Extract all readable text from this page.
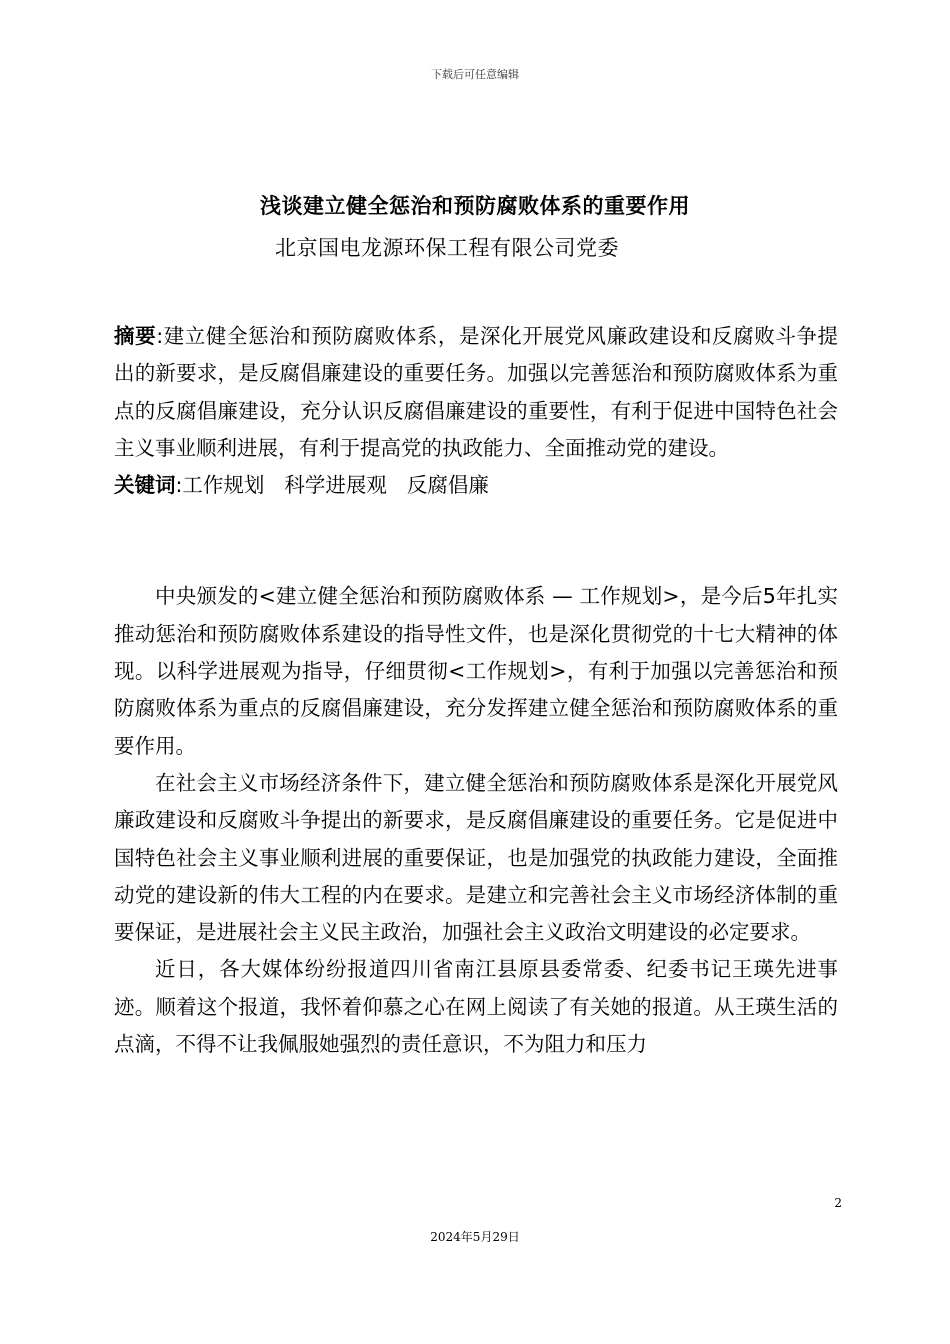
下载后可任意编辑
浅谈建立健全惩治和预防腐败体系的重要作用
北京国电龙源环保工程有限公司党委

摘要:建立健全惩治和预防腐败体系，是深化开展党风廉政建设和反腐败斗争提出的新要求，是反腐倡廉建设的重要任务。加强以完善惩治和预防腐败体系为重点的反腐倡廉建设，充分认识反腐倡廉建设的重要性，有利于促进中国特色社会主义事业顺利进展，有利于提高党的执政能力、全面推动党的建设。

关键词:工作规划 科学进展观 反腐倡廉

中央颁发的<建立健全惩治和预防腐败体系 — 工作规划>，是今后5年扎实推动惩治和预防腐败体系建设的指导性文件，也是深化贯彻党的十七大精神的体现。以科学进展观为指导，仔细贯彻<工作规划>，有利于加强以完善惩治和预防腐败体系为重点的反腐倡廉建设，充分发挥建立健全惩治和预防腐败体系的重要作用。

在社会主义市场经济条件下，建立健全惩治和预防腐败体系是深化开展党风廉政建设和反腐败斗争提出的新要求，是反腐倡廉建设的重要任务。它是促进中国特色社会主义事业顺利进展的重要保证，也是加强党的执政能力建设，全面推动党的建设新的伟大工程的内在要求。是建立和完善社会主义市场经济体制的重要保证，是进展社会主义民主政治，加强社会主义政治文明建设的必定要求。

近日，各大媒体纷纷报道四川省南江县原县委常委、纪委书记王瑛先进事迹。顺着这个报道，我怀着仰慕之心在网上阅读了有关她的报道。从王瑛生活的点滴，不得不让我佩服她强烈的责任意识，不为阻力和压力

2
2024年5月29日
